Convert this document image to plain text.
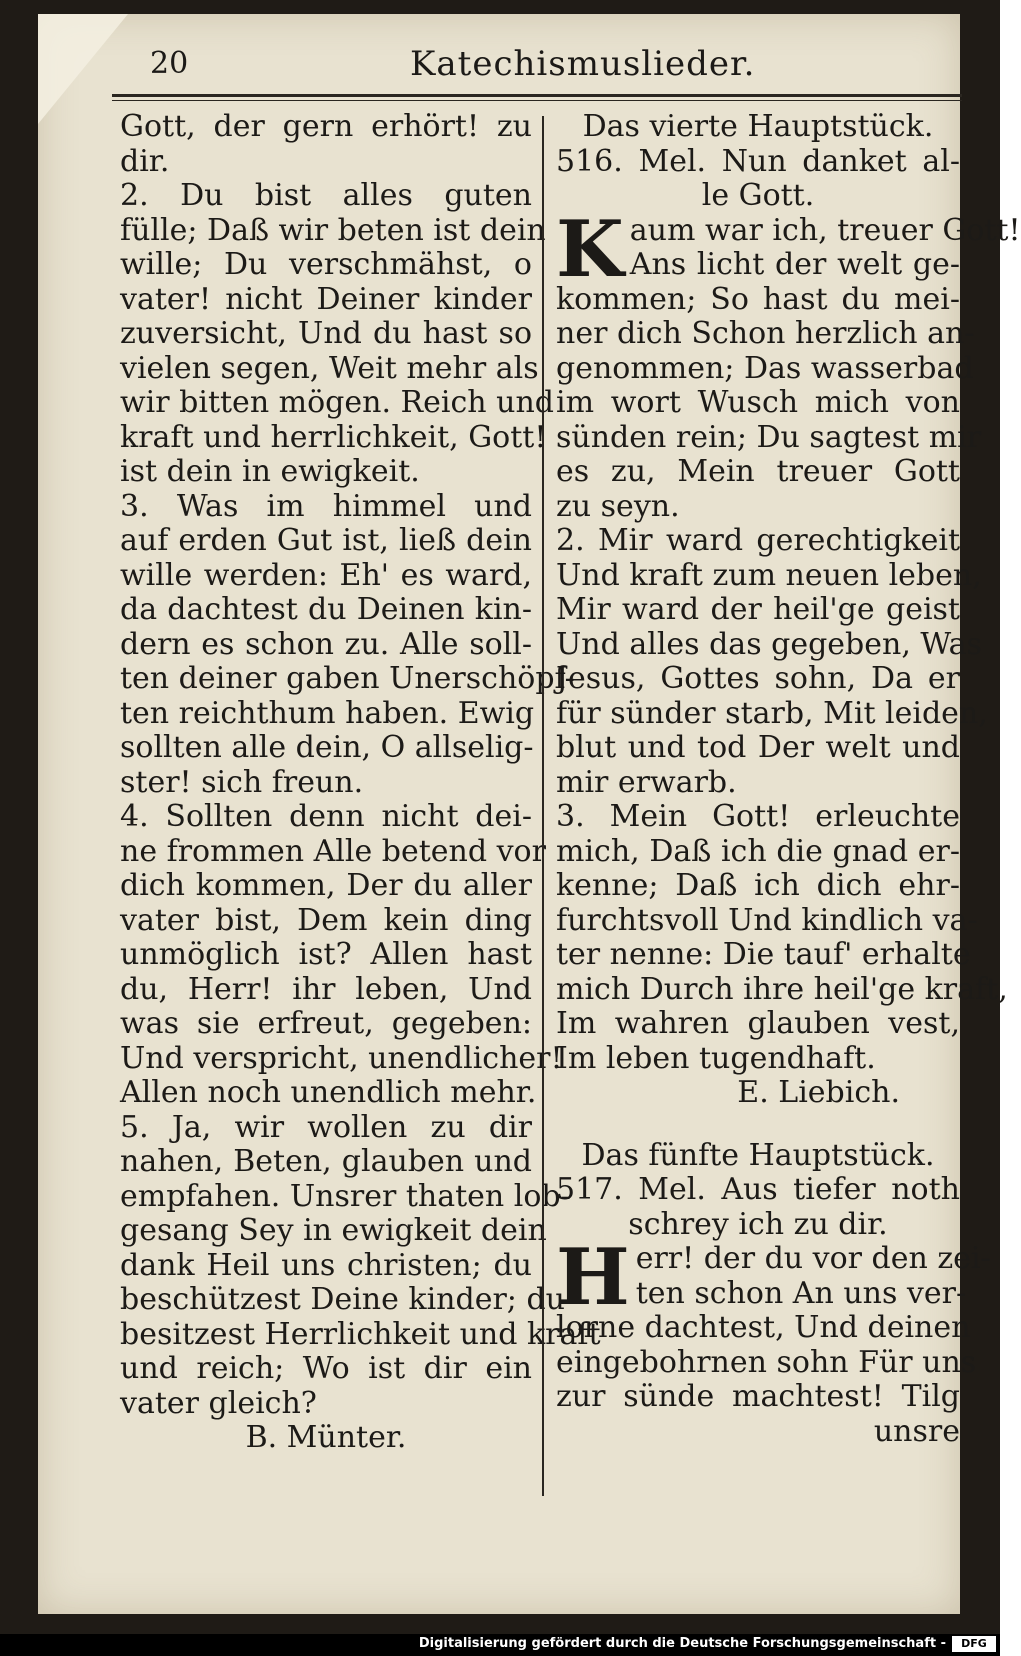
20	Katechismuslieder.
Gott, der gern erhört! zu
dir.
2. Du bist alles guten
fülle; Daß wir beten ist dein
wille; Du verschmähst, o
vater! nicht Deiner kinder
zuversicht, Und du hast so
vielen segen, Weit mehr als
wir bitten mögen. Reich und
kraft und herrlichkeit, Gott!
ist dein in ewigkeit.
3. Was im himmel und
auf erden Gut ist, ließ dein
wille werden: Eh' es ward,
da dachtest du Deinen kin-
dern es schon zu. Alle soll-
ten deiner gaben Unerschöpf-
ten reichthum haben. Ewig
sollten alle dein, O allselig-
ster! sich freun.
4. Sollten denn nicht dei-
ne frommen Alle betend vor
dich kommen, Der du aller
vater bist, Dem kein ding
unmöglich ist? Allen hast
du, Herr! ihr leben, Und
was sie erfreut, gegeben:
Und verspricht, unendlicher!
Allen noch unendlich mehr.
5. Ja, wir wollen zu dir
nahen, Beten, glauben und
empfahen. Unsrer thaten lob-
gesang Sey in ewigkeit dein
dank Heil uns christen; du
beschützest Deine kinder; du
besitzest Herrlichkeit und kraft
und reich; Wo ist dir ein
vater gleich?
B. Münter.
Das vierte Hauptstück.
516. Mel. Nun danket al-
le Gott.
K aum war ich, treuer Gott!
Ans licht der welt ge-
kommen; So hast du mei-
ner dich Schon herzlich an-
genommen; Das wasserbad
im wort Wusch mich von
sünden rein; Du sagtest mir
es zu, Mein treuer Gott
zu seyn.
2. Mir ward gerechtigkeit
Und kraft zum neuen leben,
Mir ward der heil'ge geist
Und alles das gegeben, Was
Jesus, Gottes sohn, Da er
für sünder starb, Mit leiden,
blut und tod Der welt und
mir erwarb.
3. Mein Gott! erleuchte
mich, Daß ich die gnad er-
kenne; Daß ich dich ehr-
furchtsvoll Und kindlich va-
ter nenne: Die tauf' erhalte
mich Durch ihre heil'ge kraft,
Im wahren glauben vest,
Im leben tugendhaft.
E. Liebich.
Das fünfte Hauptstück.
517. Mel. Aus tiefer noth
schrey ich zu dir.
H err! der du vor den zei-
ten schon An uns ver-
lorne dachtest, Und deinen
eingebohrnen sohn Für uns
zur sünde machtest! Tilg
unsre
Digitalisierung gefördert durch die Deutsche Forschungsgemeinschaft -	DFG
